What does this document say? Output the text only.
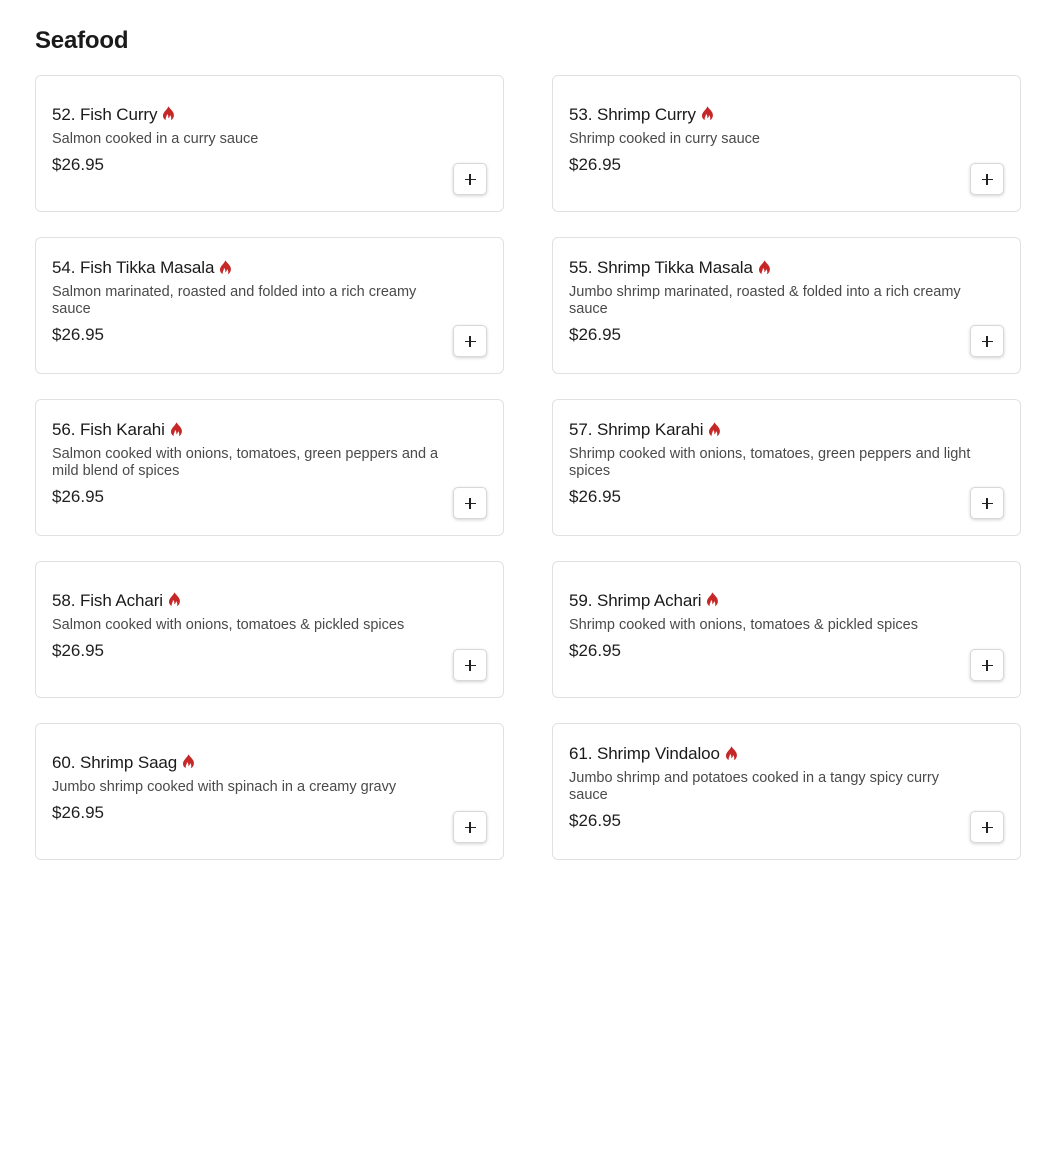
Seafood
52. Fish Curry

Salmon cooked in a curry sauce

$26.95

53. Shrimp Curry

Shrimp cooked in curry sauce

$26.95

54. Fish Tikka Masala

Salmon marinated, roasted and folded into a rich creamy sauce

$26.95

55. Shrimp Tikka Masala

Jumbo shrimp marinated, roasted & folded into a rich creamy sauce

$26.95

56. Fish Karahi

Salmon cooked with onions, tomatoes, green peppers and a mild blend of spices

$26.95

57. Shrimp Karahi

Shrimp cooked with onions, tomatoes, green peppers and light spices

$26.95

58. Fish Achari

Salmon cooked with onions, tomatoes & pickled spices

$26.95

59. Shrimp Achari

Shrimp cooked with onions, tomatoes & pickled spices

$26.95

60. Shrimp Saag

Jumbo shrimp cooked with spinach in a creamy gravy

$26.95

61. Shrimp Vindaloo

Jumbo shrimp and potatoes cooked in a tangy spicy curry sauce

$26.95
